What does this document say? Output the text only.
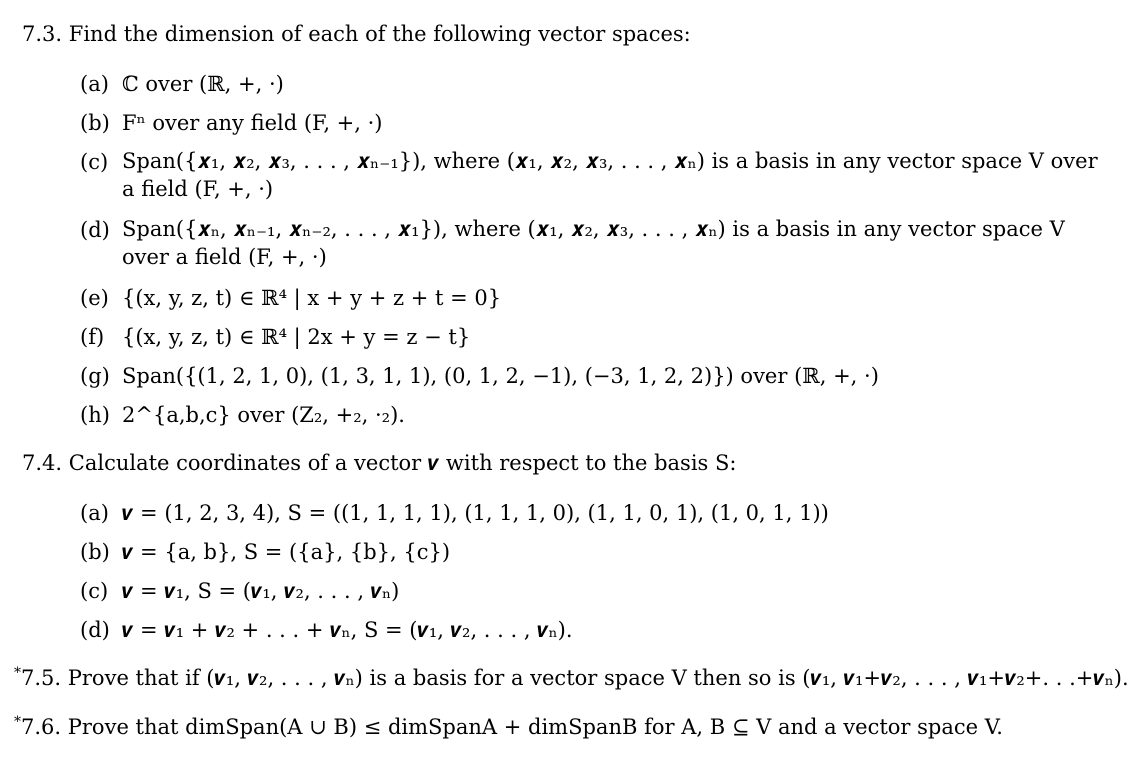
7.3. Find the dimension of each of the following vector spaces:
(a) ℂ over (ℝ, +, ·)
(b) Fⁿ over any field (F, +, ·)
(c) Span({𝒙₁, 𝒙₂, 𝒙₃, . . . , 𝒙ₙ₋₁}), where (𝒙₁, 𝒙₂, 𝒙₃, . . . , 𝒙ₙ) is a basis in any vector space V over a field (F, +, ·)
(d) Span({𝒙ₙ, 𝒙ₙ₋₁, 𝒙ₙ₋₂, . . . , 𝒙₁}), where (𝒙₁, 𝒙₂, 𝒙₃, . . . , 𝒙ₙ) is a basis in any vector space V over a field (F, +, ·)
(e) {(x, y, z, t) ∈ ℝ⁴ | x + y + z + t = 0}
(f) {(x, y, z, t) ∈ ℝ⁴ | 2x + y = z − t}
(g) Span({(1, 2, 1, 0), (1, 3, 1, 1), (0, 1, 2, −1), (−3, 1, 2, 2)}) over (ℝ, +, ·)
(h) 2^{a,b,c} over (Z₂, +₂, ·₂).
7.4. Calculate coordinates of a vector 𝒗 with respect to the basis S:
(a) 𝒗 = (1, 2, 3, 4), S = ((1, 1, 1, 1), (1, 1, 1, 0), (1, 1, 0, 1), (1, 0, 1, 1))
(b) 𝒗 = {a, b}, S = ({a}, {b}, {c})
(c) 𝒗 = 𝒗₁, S = (𝒗₁, 𝒗₂, . . . , 𝒗ₙ)
(d) 𝒗 = 𝒗₁ + 𝒗₂ + . . . + 𝒗ₙ, S = (𝒗₁, 𝒗₂, . . . , 𝒗ₙ).
*7.5. Prove that if (𝒗₁, 𝒗₂, . . . , 𝒗ₙ) is a basis for a vector space V then so is (𝒗₁, 𝒗₁+𝒗₂, . . . , 𝒗₁+𝒗₂+. . .+𝒗ₙ).
*7.6. Prove that dimSpan(A ∪ B) ≤ dimSpanA + dimSpanB for A, B ⊆ V and a vector space V.
